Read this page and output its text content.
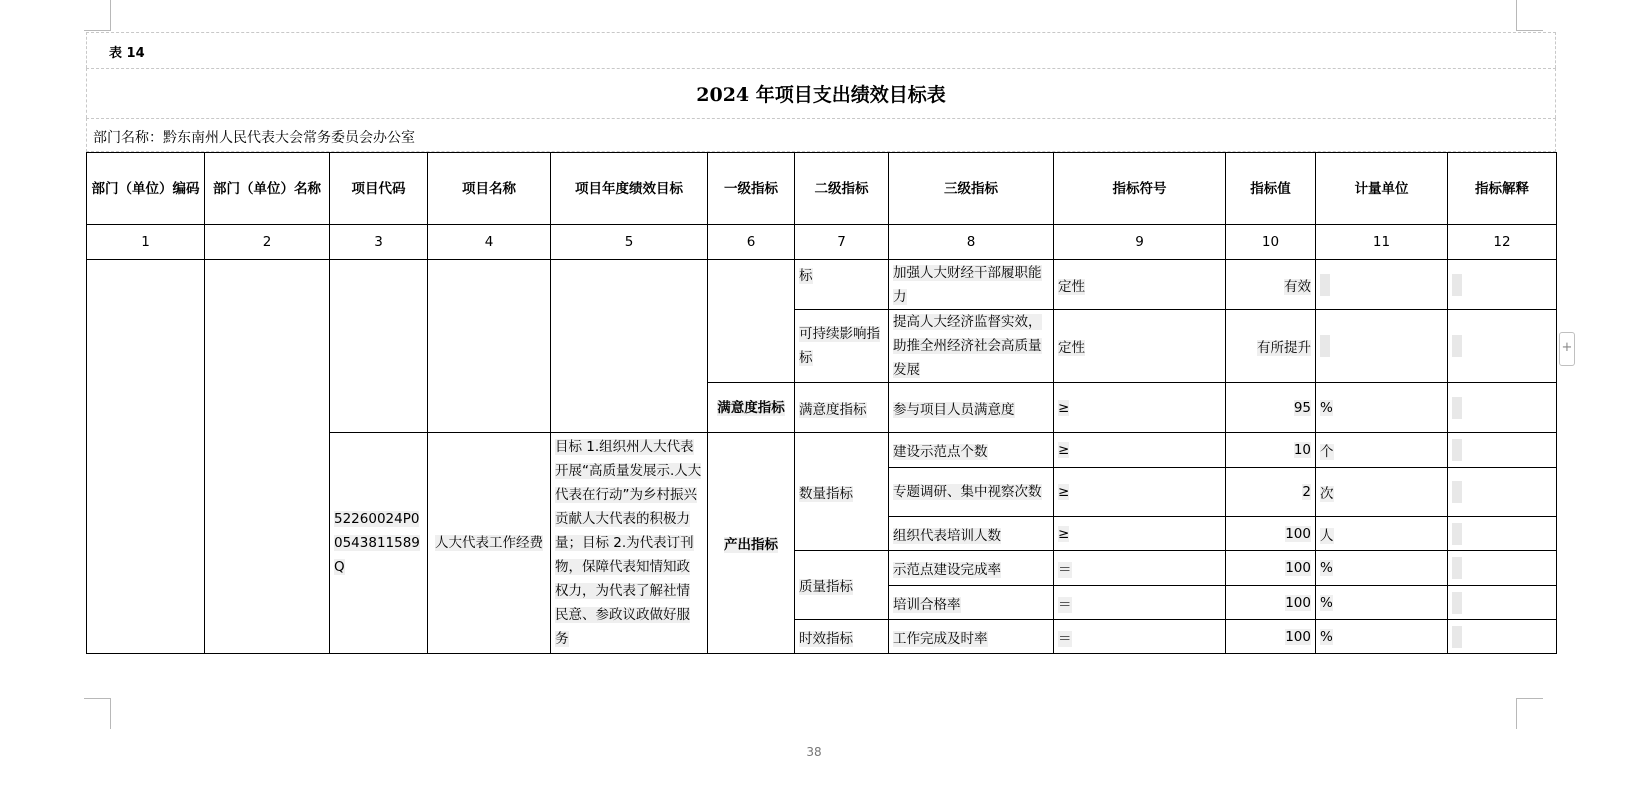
表 14
2024 年项目支出绩效目标表
部门名称：黔东南州人民代表大会常务委员会办公室
部门（单位）编码	部门（单位）名称	项目代码	项目名称	项目年度绩效目标	一级指标	二级指标	三级指标	指标符号	指标值	计量单位	指标解释
1	2	3	4	5	6	7	8	9	10	11	12
						标	加强人大财经干部履职能力	定性	有效		
						可持续影响指标	提高人大经济监督实效，助推全州经济社会高质量发展	定性	有所提升		
					满意度指标	满意度指标	参与项目人员满意度	≥	95	%	
		52260024P00543811589Q	人大代表工作经费	目标 1.组织州人大代表开展“高质量发展示.人大代表在行动”为乡村振兴贡献人大代表的积极力量；目标 2.为代表订刊物，保障代表知情知政权力，为代表了解社情民意、参政议政做好服务	产出指标	数量指标	建设示范点个数	≥	10	个	
							专题调研、集中视察次数	≥	2	次	
							组织代表培训人数	≥	100	人	
						质量指标	示范点建设完成率	＝	100	%	
							培训合格率	＝	100	%	
						时效指标	工作完成及时率	＝	100	%	
38
+
